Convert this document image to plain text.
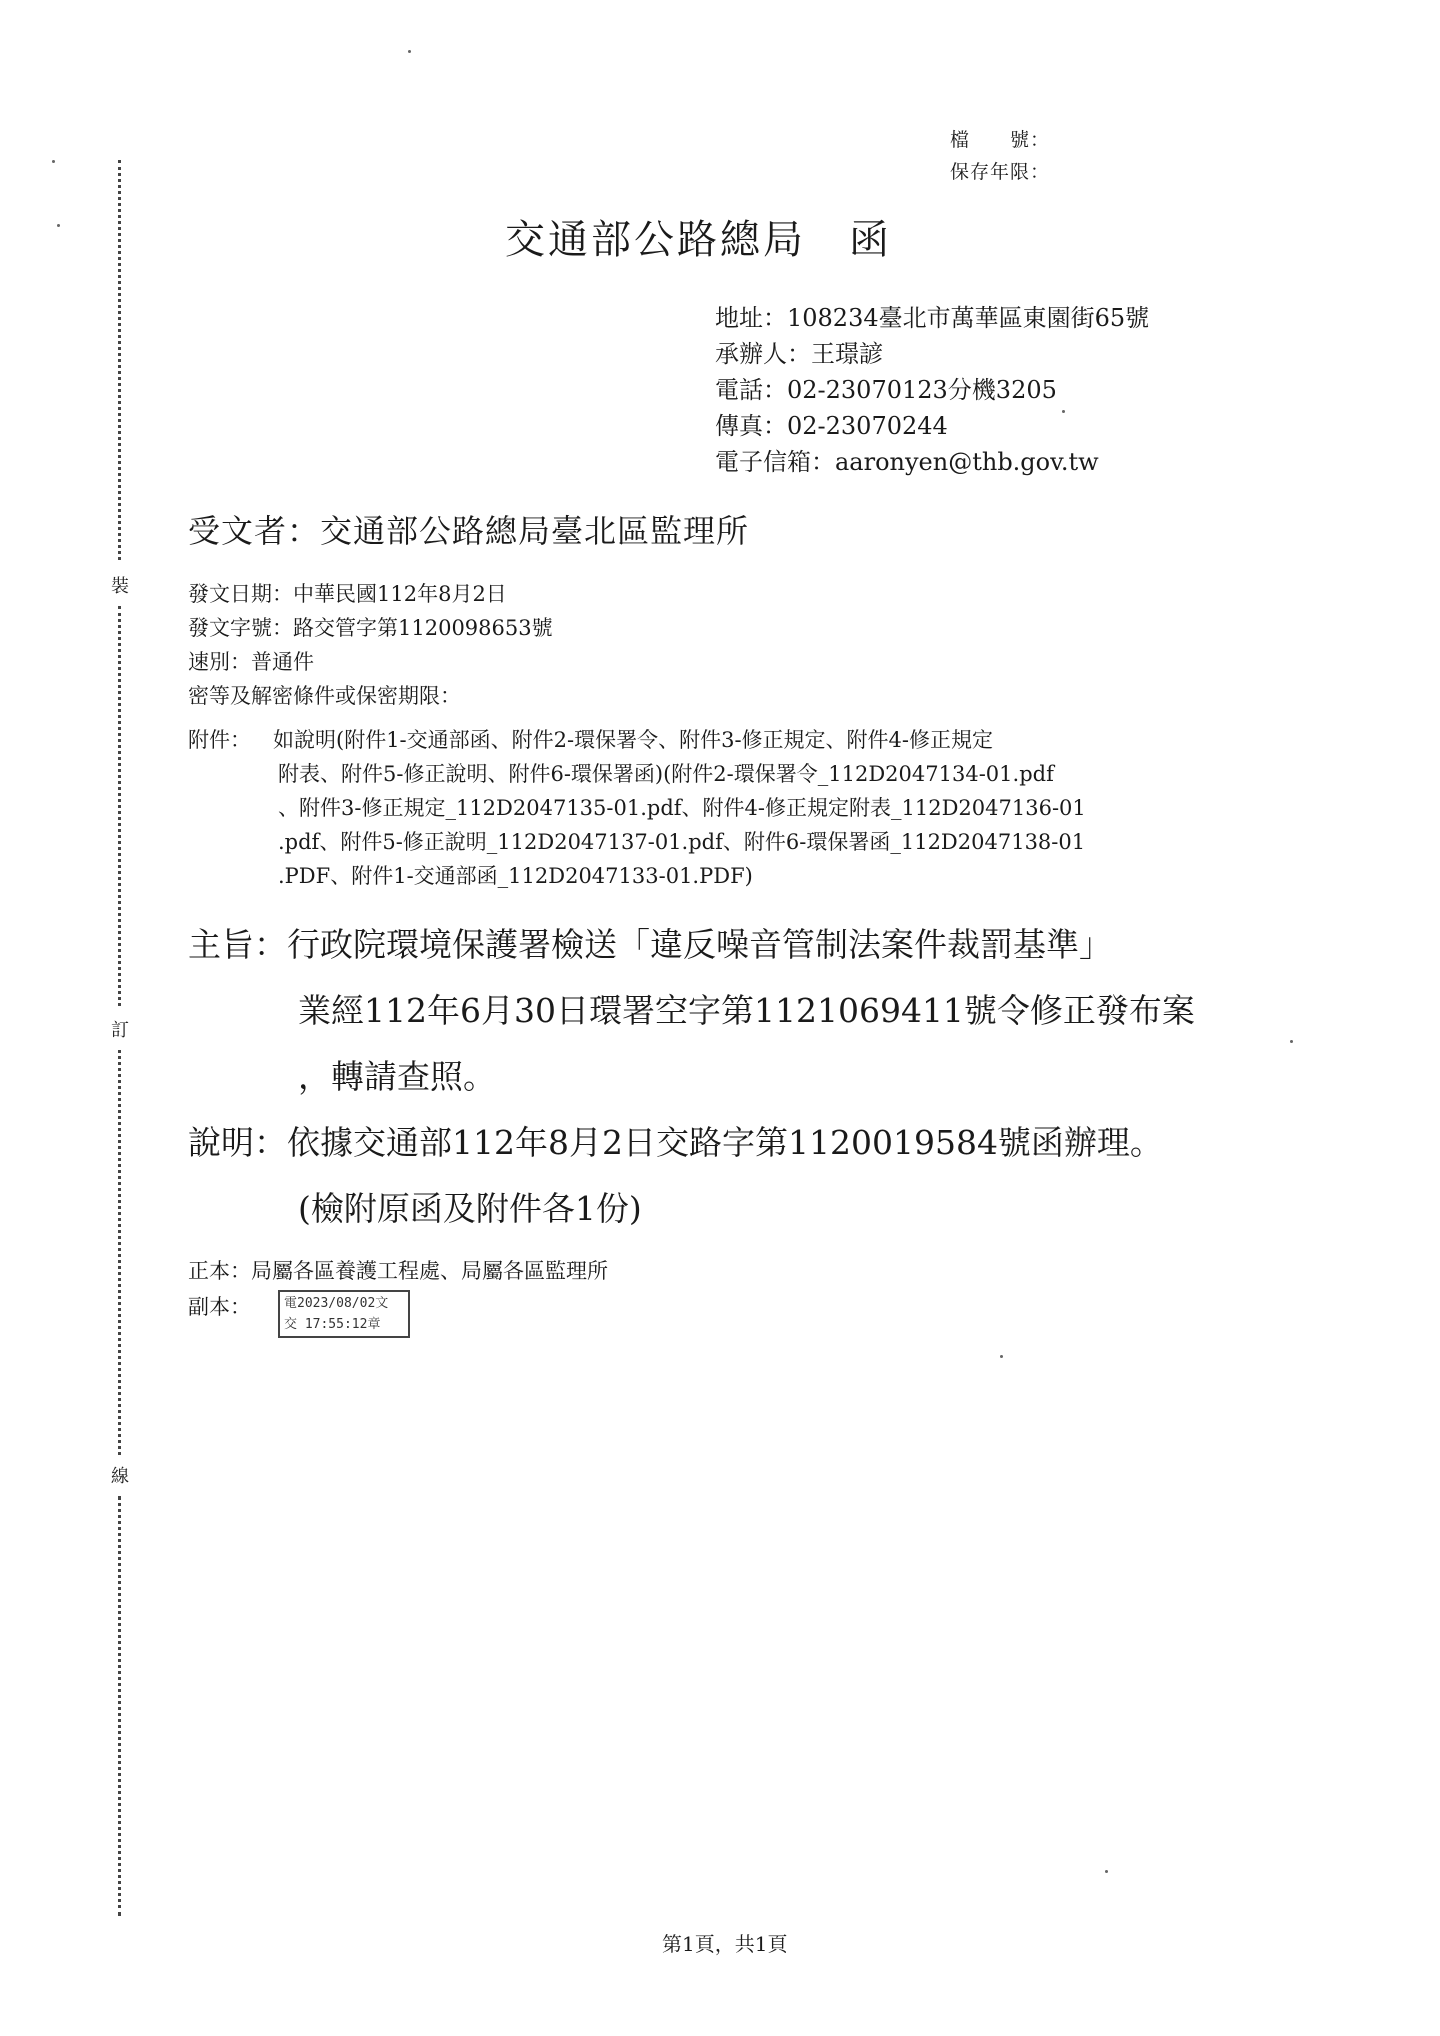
裝
訂
線
檔　　號：
保存年限：
交通部公路總局　函
地址：108234臺北市萬華區東園街65號
承辦人：王璟諺
電話：02-23070123分機3205
傳真：02-23070244
電子信箱：aaronyen@thb.gov.tw
受文者：交通部公路總局臺北區監理所
發文日期：中華民國112年8月2日
發文字號：路交管字第1120098653號
速別：普通件
密等及解密條件或保密期限：
附件： 如說明(附件1-交通部函、附件2-環保署令、附件3-修正規定、附件4-修正規定
附表、附件5-修正說明、附件6-環保署函)(附件2-環保署令_112D2047134-01.pdf
、附件3-修正規定_112D2047135-01.pdf、附件4-修正規定附表_112D2047136-01
.pdf、附件5-修正說明_112D2047137-01.pdf、附件6-環保署函_112D2047138-01
.PDF、附件1-交通部函_112D2047133-01.PDF)
主旨：行政院環境保護署檢送「違反噪音管制法案件裁罰基準」
業經112年6月30日環署空字第1121069411號令修正發布案
，轉請查照。
說明：依據交通部112年8月2日交路字第1120019584號函辦理。
(檢附原函及附件各1份)
正本：局屬各區養護工程處、局屬各區監理所
副本：	電2023/08/02文
交 17:55:12章
第1頁，共1頁
